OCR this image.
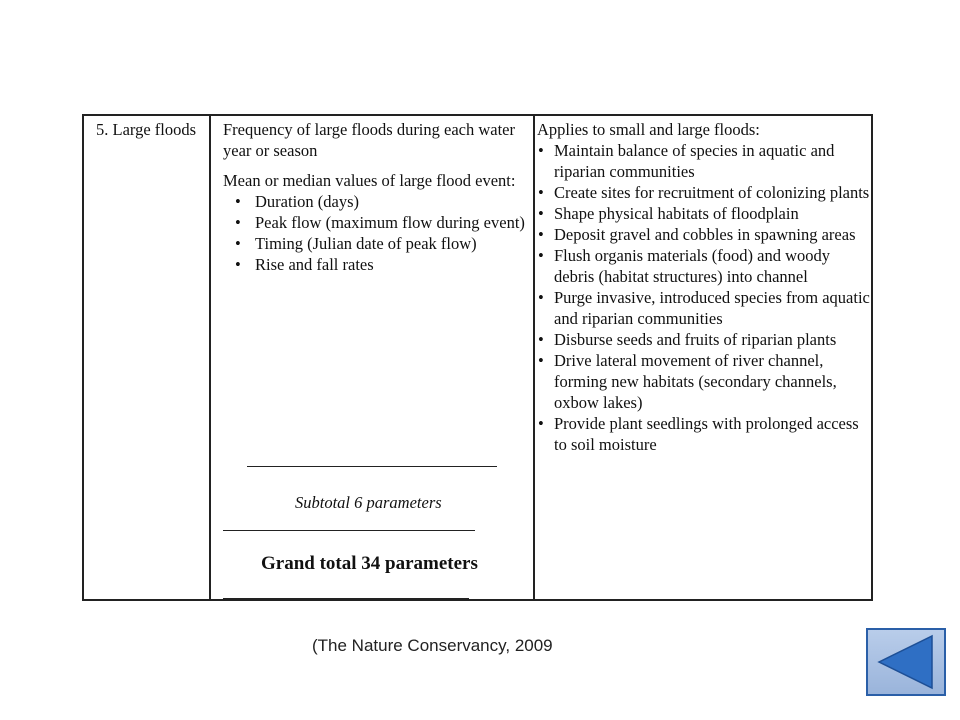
5. Large floods	Frequency of large floods during each water year or season

Mean or median values of large flood event:

• Duration (days)
• Peak flow (maximum flow during event)
• Timing (Julian date of peak flow)
• Rise and fall rates
Subtotal 6 parameters
Grand total 34 parameters

Applies to small and large floods:

• Maintain balance of species in aquatic and riparian communities
• Create sites for recruitment of colonizing plants
• Shape physical habitats of floodplain
• Deposit gravel and cobbles in spawning areas
• Flush organis materials (food) and woody debris (habitat structures) into channel
• Purge invasive, introduced species from aquatic and riparian communities
• Disburse seeds and fruits of riparian plants
• Drive lateral movement of river channel, forming new habitats (secondary channels, oxbow lakes)
• Provide plant seedlings with prolonged access to soil moisture
(The Nature Conservancy, 2009
